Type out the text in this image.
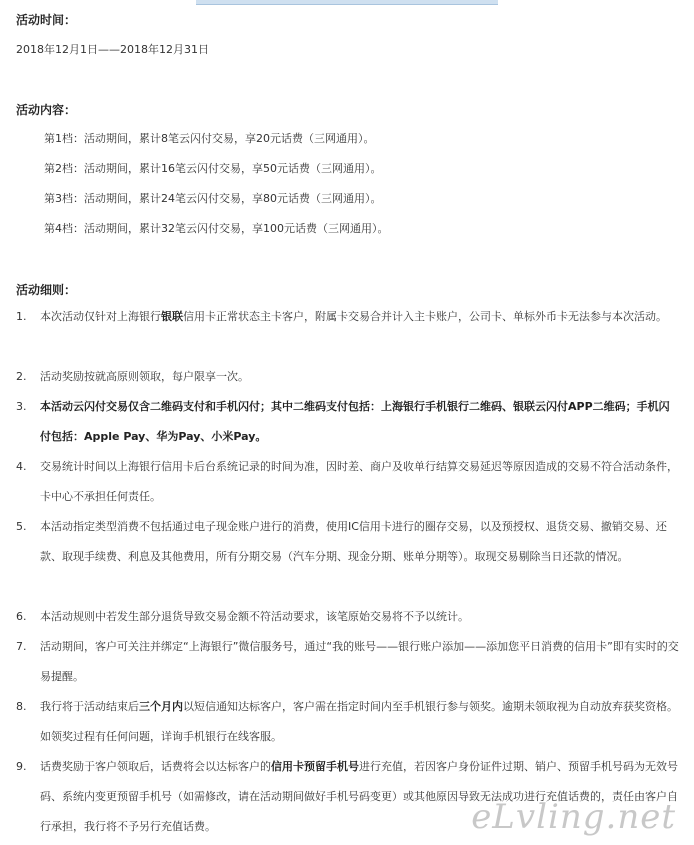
活动时间：
2018年12月1日——2018年12月31日
活动内容：
第1档：活动期间，累计8笔云闪付交易，享20元话费（三网通用）。
第2档：活动期间，累计16笔云闪付交易，享50元话费（三网通用）。
第3档：活动期间，累计24笔云闪付交易，享80元话费（三网通用）。
第4档：活动期间，累计32笔云闪付交易，享100元话费（三网通用）。
活动细则：
1.	本次活动仅针对上海银行银联信用卡正常状态主卡客户，附属卡交易合并计入主卡账户，公司卡、单标外币卡无法参与本次活动。
2.	活动奖励按就高原则领取，每户限享一次。
3.	本活动云闪付交易仅含二维码支付和手机闪付；其中二维码支付包括：上海银行手机银行二维码、银联云闪付APP二维码；手机闪付包括：Apple Pay、华为Pay、小米Pay。
4.	交易统计时间以上海银行信用卡后台系统记录的时间为准，因时差、商户及收单行结算交易延迟等原因造成的交易不符合活动条件，卡中心不承担任何责任。
5.	本活动指定类型消费不包括通过电子现金账户进行的消费，使用IC信用卡进行的圈存交易，以及预授权、退货交易、撤销交易、还款、取现手续费、利息及其他费用，所有分期交易（汽车分期、现金分期、账单分期等）。取现交易剔除当日还款的情况。
6.	本活动规则中若发生部分退货导致交易金额不符活动要求，该笔原始交易将不予以统计。
7.	活动期间，客户可关注并绑定“上海银行”微信服务号，通过“我的账号——银行账户添加——添加您平日消费的信用卡”即有实时的交易提醒。
8.	我行将于活动结束后三个月内以短信通知达标客户，客户需在指定时间内至手机银行参与领奖。逾期未领取视为自动放弃获奖资格。如领奖过程有任何问题，详询手机银行在线客服。
9.	话费奖励于客户领取后，话费将会以达标客户的信用卡预留手机号进行充值，若因客户身份证件过期、销户、预留手机号码为无效号码、系统内变更预留手机号（如需修改，请在活动期间做好手机号码变更）或其他原因导致无法成功进行充值话费的，责任由客户自行承担，我行将不予另行充值话费。	eLvling.net
